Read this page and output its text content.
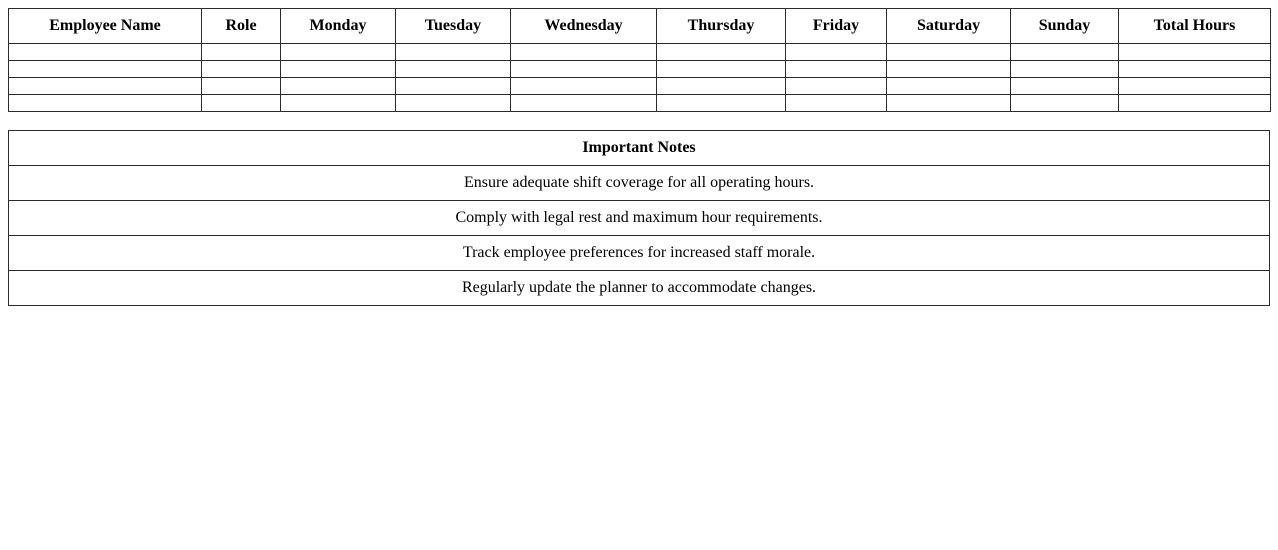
Employee Name	Role	Monday	Tuesday	Wednesday	Thursday	Friday	Saturday	Sunday	Total Hours

Important Notes
Ensure adequate shift coverage for all operating hours.
Comply with legal rest and maximum hour requirements.
Track employee preferences for increased staff morale.
Regularly update the planner to accommodate changes.
